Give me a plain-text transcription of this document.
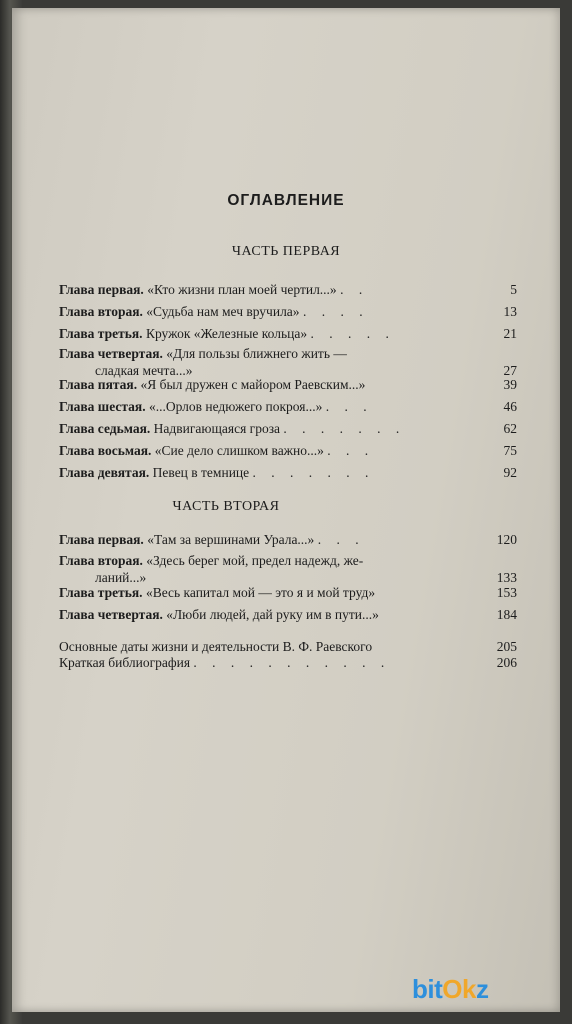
ОГЛАВЛЕНИЕ
ЧАСТЬ ПЕРВАЯ
Глава первая. «Кто жизни план моей чертил...» . .	5
Глава вторая. «Судьба нам меч вручила» . . . .	13
Глава третья. Кружок «Железные кольца» . . . . .	21
Глава четвертая. «Для пользы ближнего жить —
сладкая мечта...»	27
Глава пятая. «Я был дружен с майором Раевским...»	39
Глава шестая. «...Орлов недюжего покроя...» . . .	46
Глава седьмая. Надвигающаяся гроза . . . . . . .	62
Глава восьмая. «Сие дело слишком важно...» . . .	75
Глава девятая. Певец в темнице . . . . . . .	92
ЧАСТЬ ВТОРАЯ
Глава первая. «Там за вершинами Урала...» . . .	120
Глава вторая. «Здесь берег мой, предел надежд, же-
ланий...»	133
Глава третья. «Весь капитал мой — это я и мой труд»	153
Глава четвертая. «Люби людей, дай руку им в пути...»	184
Основные даты жизни и деятельности В. Ф. Раевского	205
Краткая библиография . . . . . . . . . . .	206
bitOkz
